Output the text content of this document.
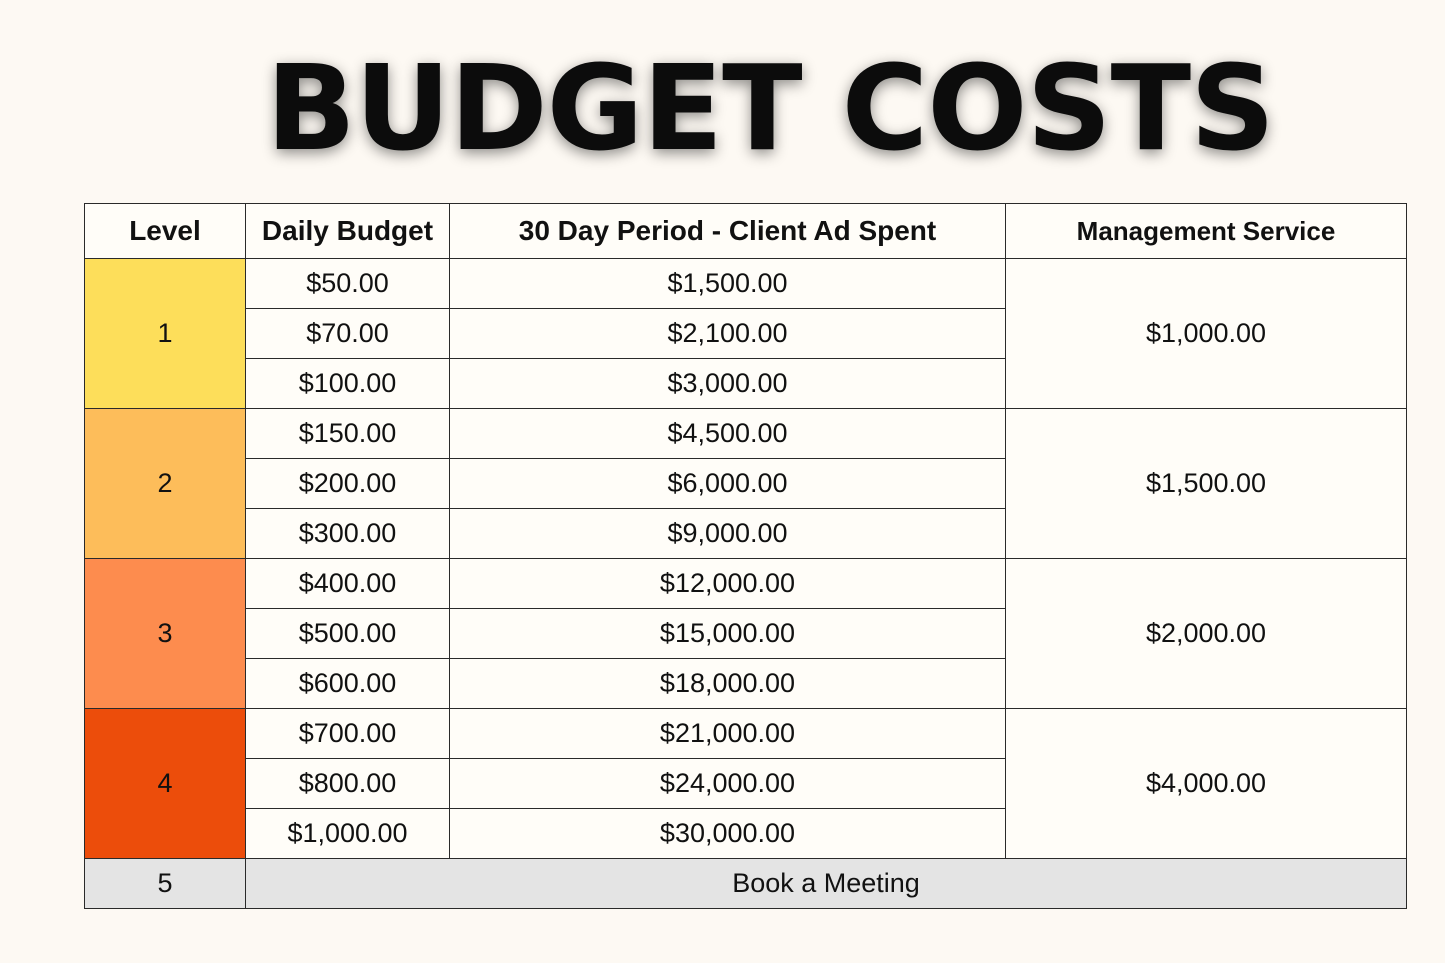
BUDGET COSTS
Level	Daily Budget	30 Day Period - Client Ad Spent	Management Service
1	$50.00	$1,500.00	$1,000.00
	$70.00	$2,100.00	
	$100.00	$3,000.00	
2	$150.00	$4,500.00	$1,500.00
	$200.00	$6,000.00	
	$300.00	$9,000.00	
3	$400.00	$12,000.00	$2,000.00
	$500.00	$15,000.00	
	$600.00	$18,000.00	
4	$700.00	$21,000.00	$4,000.00
	$800.00	$24,000.00	
	$1,000.00	$30,000.00	
5	Book a Meeting		
